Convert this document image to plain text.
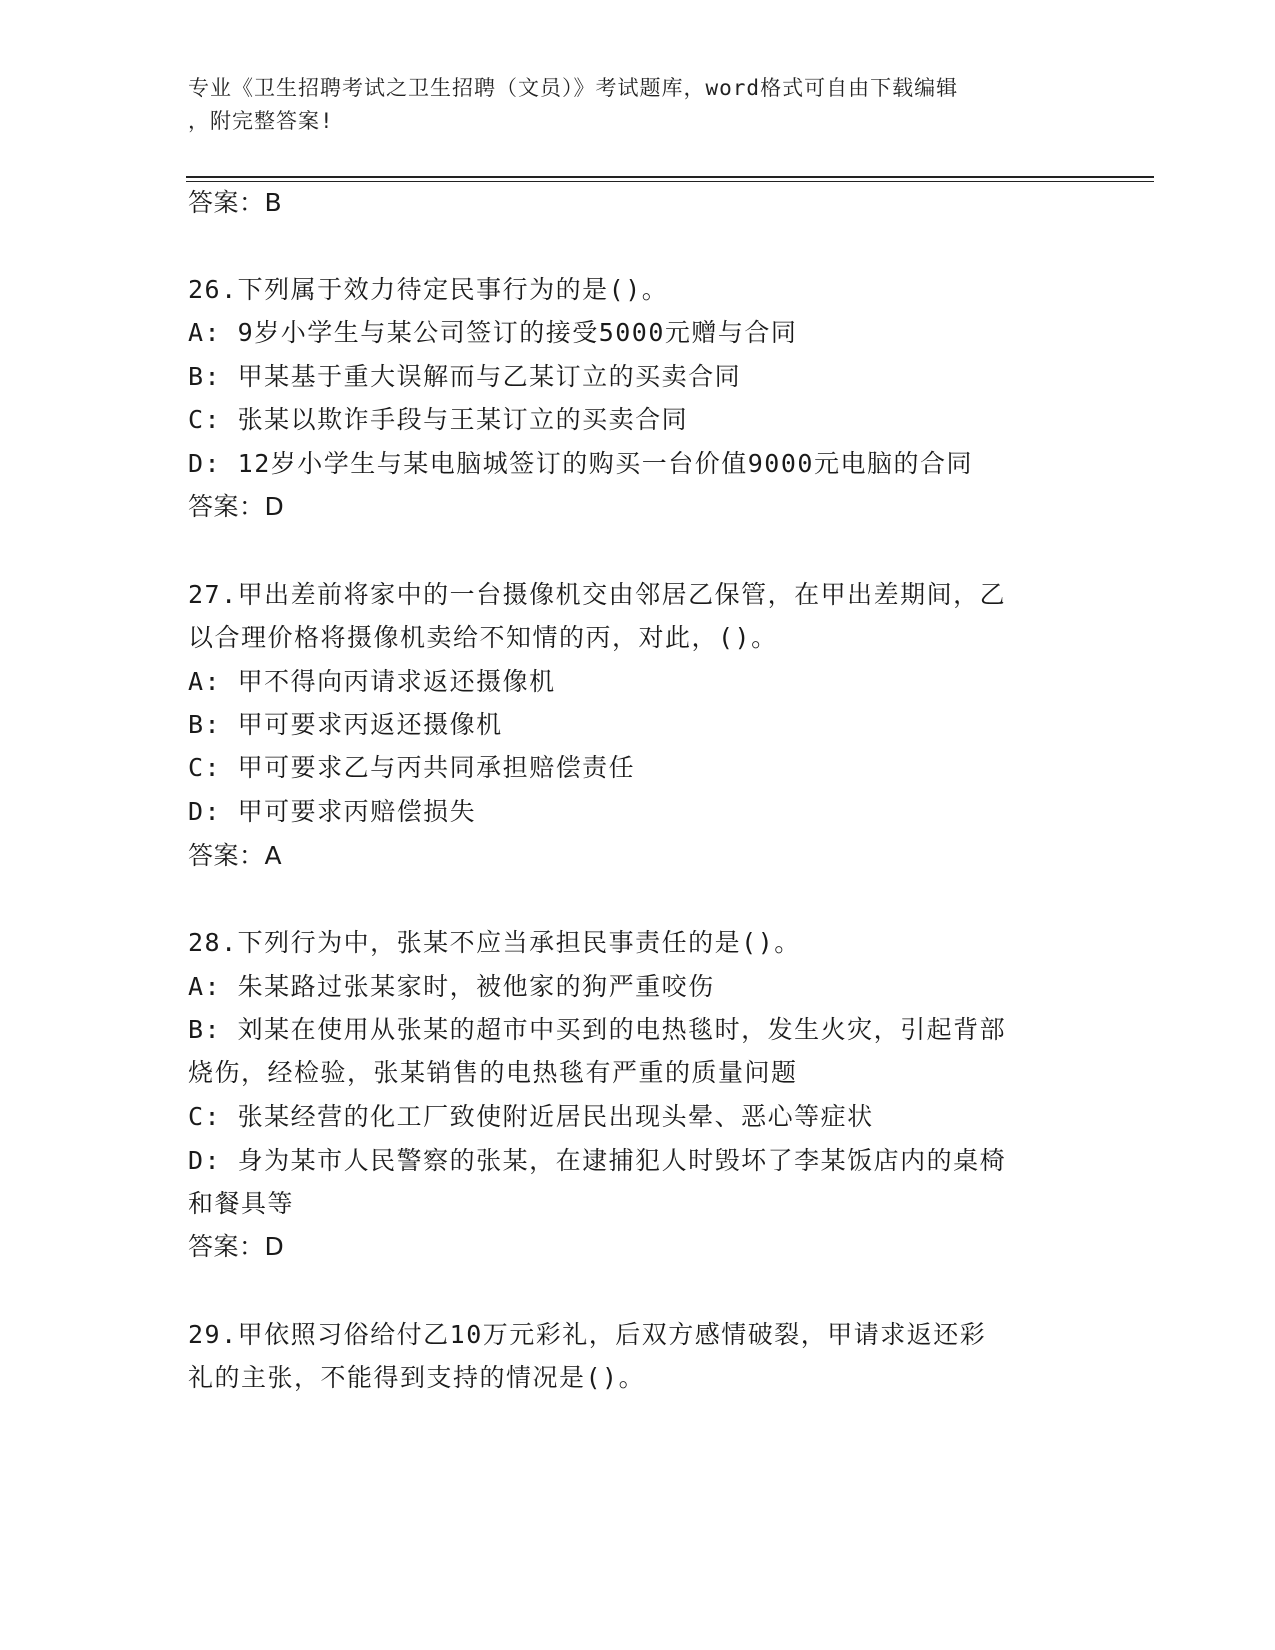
专业《卫生招聘考试之卫生招聘（文员）》考试题库，word格式可自由下载编辑
，附完整答案!
答案：B
26.下列属于效力待定民事行为的是()。
A: 9岁小学生与某公司签订的接受5000元赠与合同
B: 甲某基于重大误解而与乙某订立的买卖合同
C: 张某以欺诈手段与王某订立的买卖合同
D: 12岁小学生与某电脑城签订的购买一台价值9000元电脑的合同
答案：D
27.甲出差前将家中的一台摄像机交由邻居乙保管，在甲出差期间，乙
以合理价格将摄像机卖给不知情的丙，对此，()。
A: 甲不得向丙请求返还摄像机
B: 甲可要求丙返还摄像机
C: 甲可要求乙与丙共同承担赔偿责任
D: 甲可要求丙赔偿损失
答案：A
28.下列行为中，张某不应当承担民事责任的是()。
A: 朱某路过张某家时，被他家的狗严重咬伤
B: 刘某在使用从张某的超市中买到的电热毯时，发生火灾，引起背部
烧伤，经检验，张某销售的电热毯有严重的质量问题
C: 张某经营的化工厂致使附近居民出现头晕、恶心等症状
D: 身为某市人民警察的张某，在逮捕犯人时毁坏了李某饭店内的桌椅
和餐具等
答案：D
29.甲依照习俗给付乙10万元彩礼，后双方感情破裂，甲请求返还彩
礼的主张，不能得到支持的情况是()。
